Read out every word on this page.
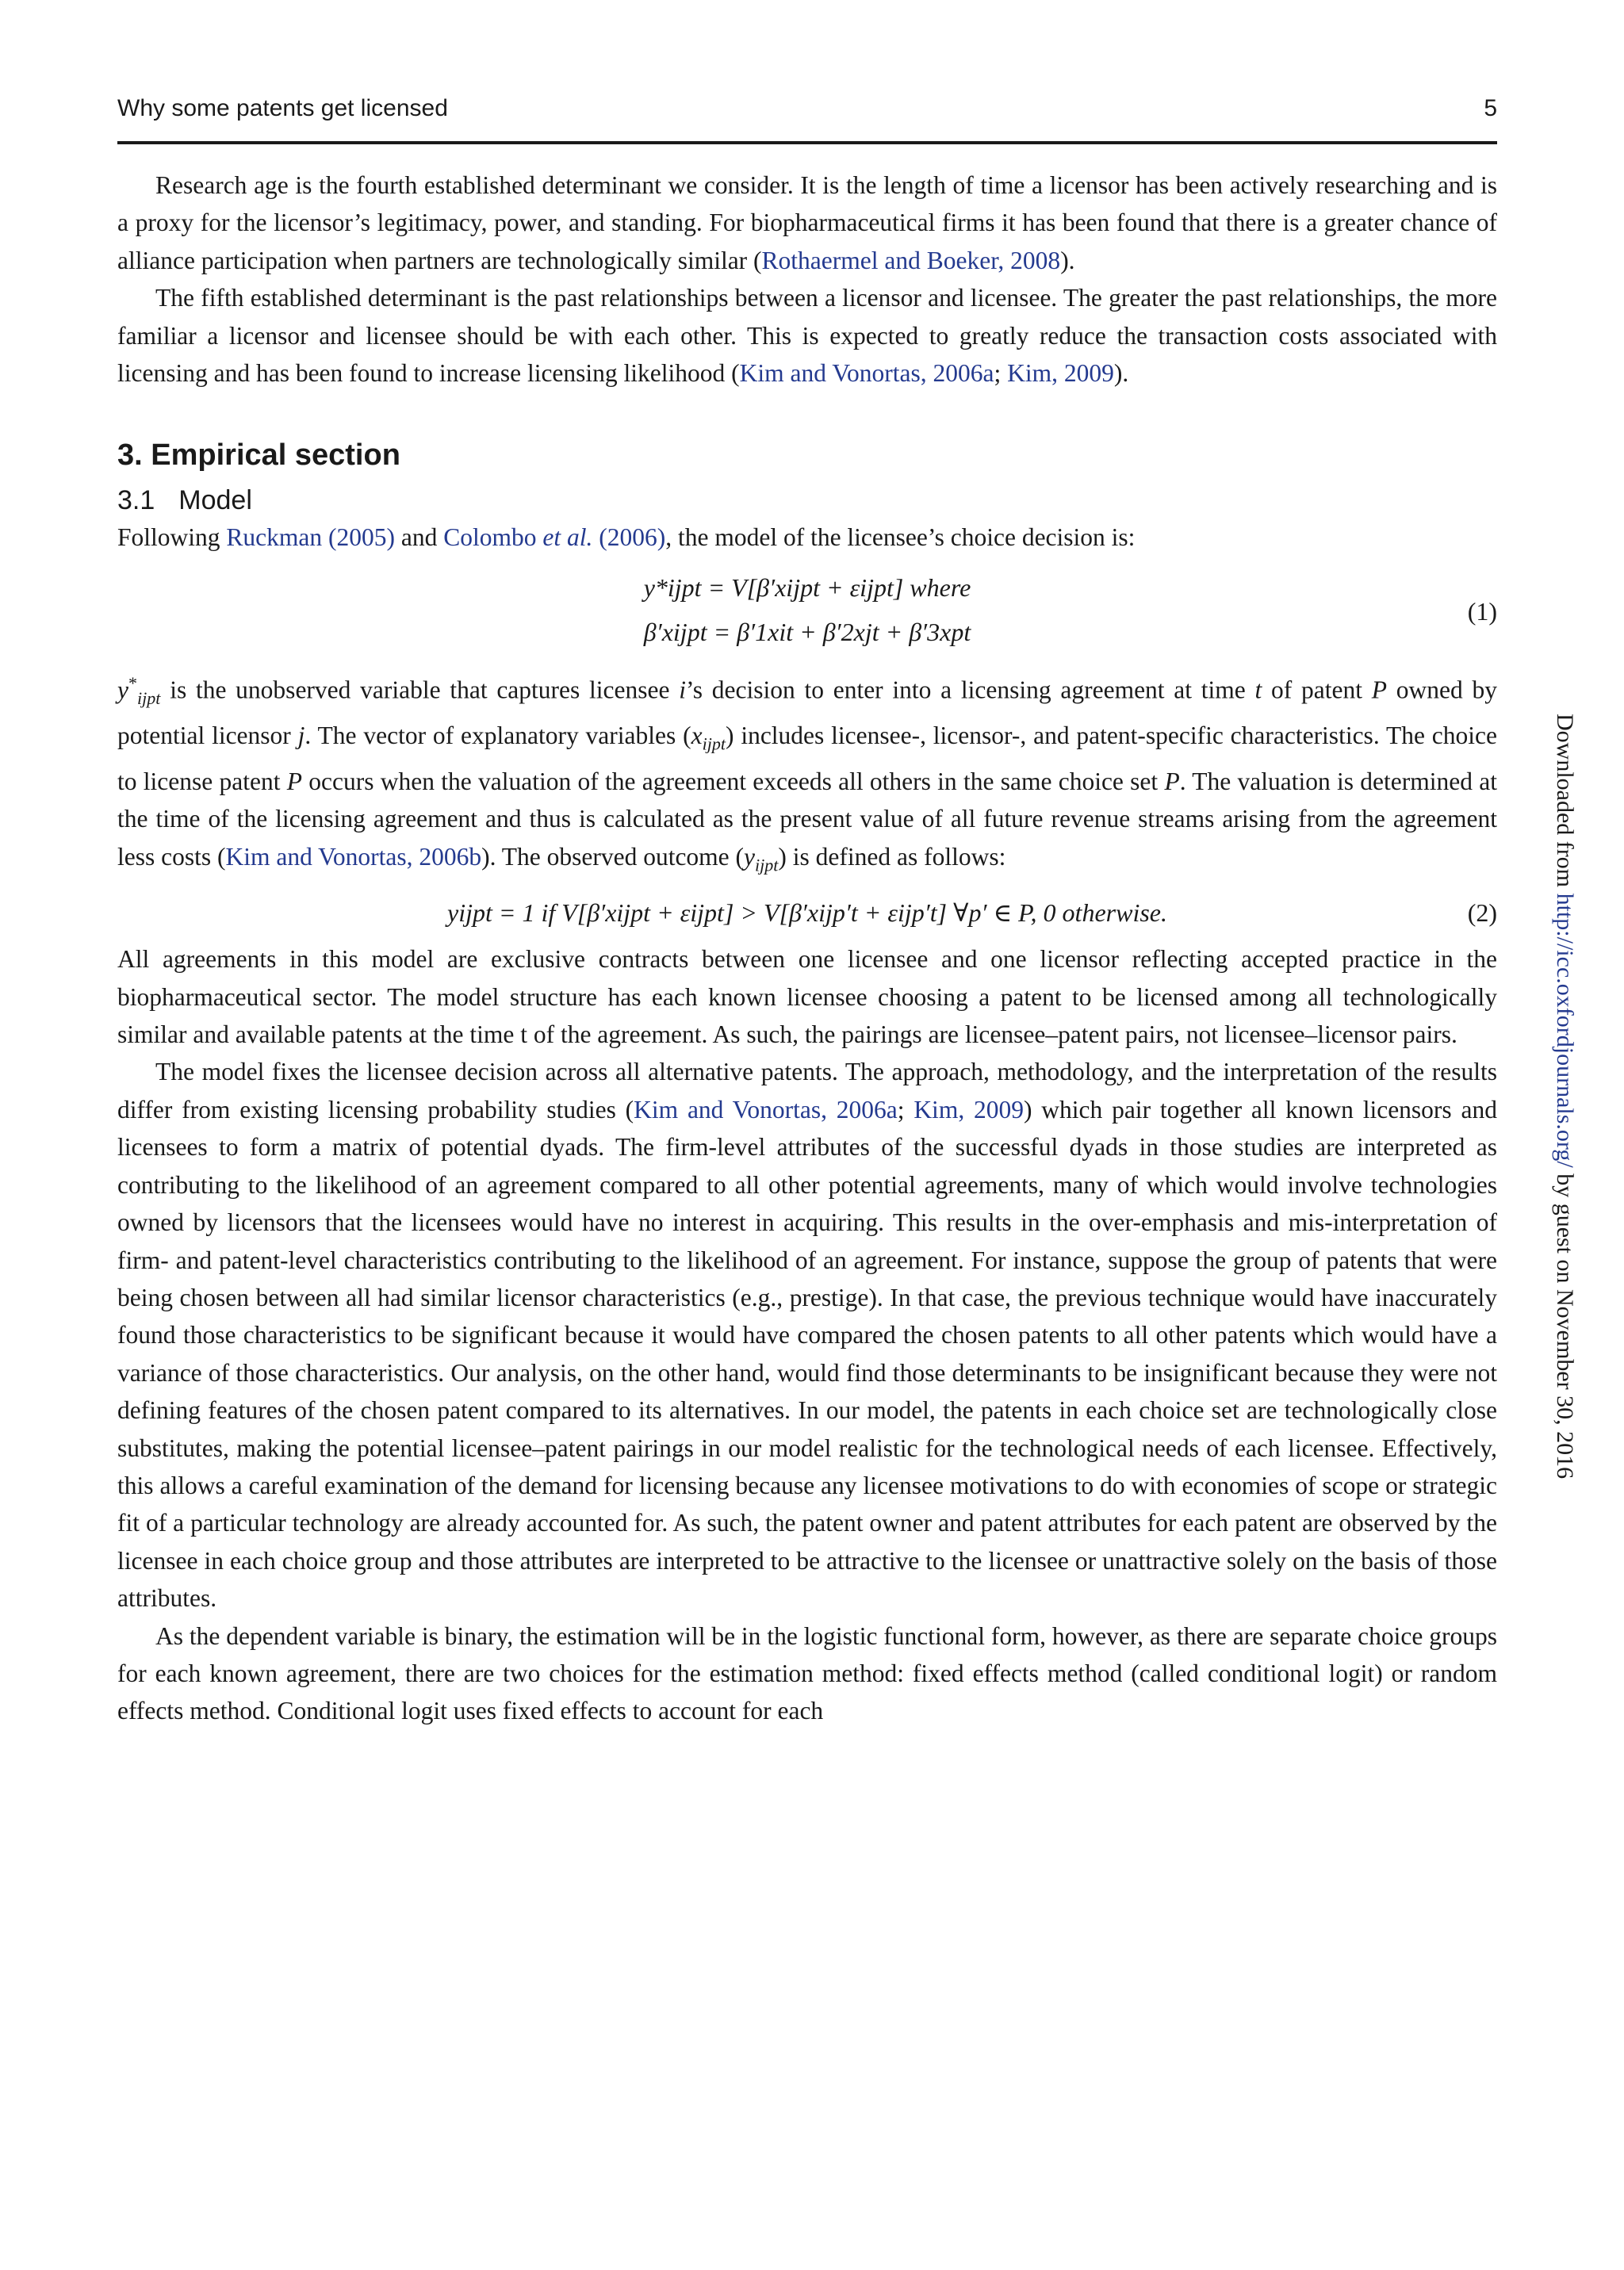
Why some patents get licensed	5

Research age is the fourth established determinant we consider. It is the length of time a licensor has been actively researching and is a proxy for the licensor’s legitimacy, power, and standing. For biopharmaceutical firms it has been found that there is a greater chance of alliance participation when partners are technologically similar (Rothaermel and Boeker, 2008).

The fifth established determinant is the past relationships between a licensor and licensee. The greater the past relationships, the more familiar a licensor and licensee should be with each other. This is expected to greatly reduce the transaction costs associated with licensing and has been found to increase licensing likelihood (Kim and Vonortas, 2006a; Kim, 2009).

3. Empirical section
3.1 Model

Following Ruckman (2005) and Colombo et al. (2006), the model of the licensee’s choice decision is:

y*ijpt = V[β′xijpt + εijpt] where
β′xijpt = β′1xit + β′2xjt + β′3xpt
(1)

$y^*_{ijpt}$ is the unobserved variable that captures licensee i’s decision to enter into a licensing agreement at time t of patent P owned by potential licensor j. The vector of explanatory variables $(x_{ijpt})$ includes licensee-, licensor-, and patent-specific characteristics. The choice to license patent P occurs when the valuation of the agreement exceeds all others in the same choice set P. The valuation is determined at the time of the licensing agreement and thus is calculated as the present value of all future revenue streams arising from the agreement less costs (Kim and Vonortas, 2006b). The observed outcome $(y_{ijpt})$ is defined as follows:

yijpt = 1 if V[β′xijpt + εijpt] > V[β′xijp′t + εijp′t] ∀p′ ∈ P, 0 otherwise.	(2)

All agreements in this model are exclusive contracts between one licensee and one licensor reflecting accepted practice in the biopharmaceutical sector. The model structure has each known licensee choosing a patent to be licensed among all technologically similar and available patents at the time t of the agreement. As such, the pairings are licensee–patent pairs, not licensee–licensor pairs.

The model fixes the licensee decision across all alternative patents. The approach, methodology, and the interpretation of the results differ from existing licensing probability studies (Kim and Vonortas, 2006a; Kim, 2009) which pair together all known licensors and licensees to form a matrix of potential dyads. The firm-level attributes of the successful dyads in those studies are interpreted as contributing to the likelihood of an agreement compared to all other potential agreements, many of which would involve technologies owned by licensors that the licensees would have no interest in acquiring. This results in the over-emphasis and mis-interpretation of firm- and patent-level characteristics contributing to the likelihood of an agreement. For instance, suppose the group of patents that were being chosen between all had similar licensor characteristics (e.g., prestige). In that case, the previous technique would have inaccurately found those characteristics to be significant because it would have compared the chosen patents to all other patents which would have a variance of those characteristics. Our analysis, on the other hand, would find those determinants to be insignificant because they were not defining features of the chosen patent compared to its alternatives. In our model, the patents in each choice set are technologically close substitutes, making the potential licensee–patent pairings in our model realistic for the technological needs of each licensee. Effectively, this allows a careful examination of the demand for licensing because any licensee motivations to do with economies of scope or strategic fit of a particular technology are already accounted for. As such, the patent owner and patent attributes for each patent are observed by the licensee in each choice group and those attributes are interpreted to be attractive to the licensee or unattractive solely on the basis of those attributes.

As the dependent variable is binary, the estimation will be in the logistic functional form, however, as there are separate choice groups for each known agreement, there are two choices for the estimation method: fixed effects method (called conditional logit) or random effects method. Conditional logit uses fixed effects to account for each

Downloaded from http://icc.oxfordjournals.org/ by guest on November 30, 2016
